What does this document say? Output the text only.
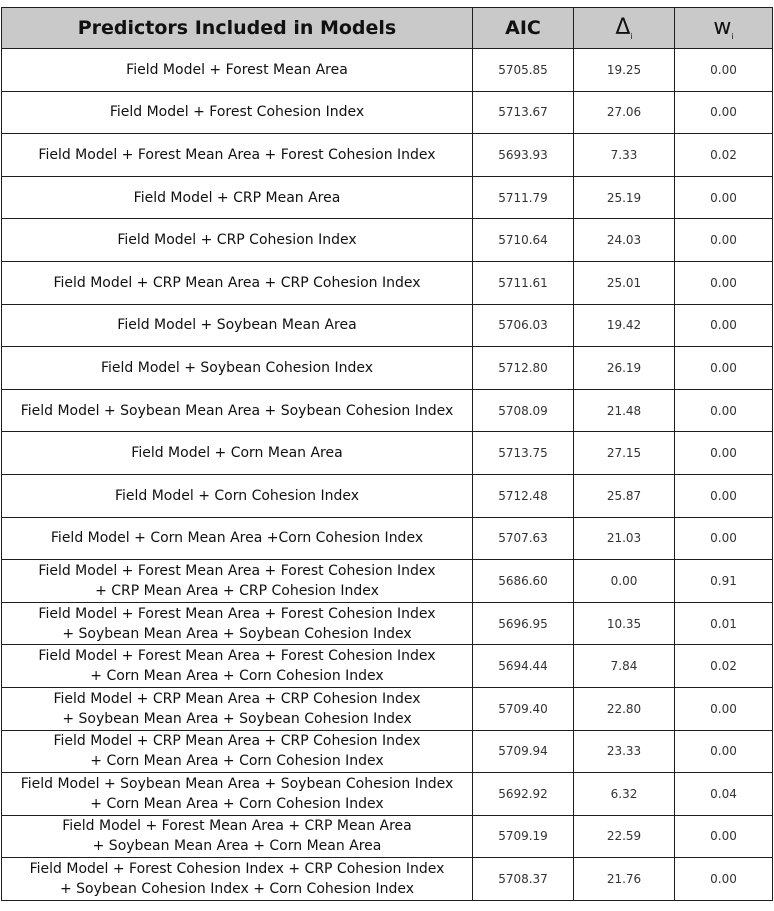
Predictors Included in Models	AIC	$\Delta_i$	$w_i$

Field Model + Forest Mean Area	5705.85	19.25	0.00

Field Model + Forest Cohesion Index	5713.67	27.06	0.00

Field Model + Forest Mean Area + Forest Cohesion Index	5693.93	7.33	0.02

Field Model + CRP Mean Area	5711.79	25.19	0.00

Field Model + CRP Cohesion Index	5710.64	24.03	0.00

Field Model + CRP Mean Area + CRP Cohesion Index	5711.61	25.01	0.00

Field Model + Soybean Mean Area	5706.03	19.42	0.00

Field Model + Soybean Cohesion Index	5712.80	26.19	0.00

Field Model + Soybean Mean Area + Soybean Cohesion Index	5708.09	21.48	0.00

Field Model + Corn Mean Area	5713.75	27.15	0.00

Field Model + Corn Cohesion Index	5712.48	25.87	0.00

Field Model + Corn Mean Area +Corn Cohesion Index	5707.63	21.03	0.00

Field Model + Forest Mean Area + Forest Cohesion Index
+ CRP Mean Area + CRP Cohesion Index	5686.60	0.00	0.91

Field Model + Forest Mean Area + Forest Cohesion Index
+ Soybean Mean Area + Soybean Cohesion Index	5696.95	10.35	0.01

Field Model + Forest Mean Area + Forest Cohesion Index
+ Corn Mean Area + Corn Cohesion Index	5694.44	7.84	0.02

Field Model + CRP Mean Area + CRP Cohesion Index
+ Soybean Mean Area + Soybean Cohesion Index	5709.40	22.80	0.00

Field Model + CRP Mean Area + CRP Cohesion Index
+ Corn Mean Area + Corn Cohesion Index	5709.94	23.33	0.00

Field Model + Soybean Mean Area + Soybean Cohesion Index
+ Corn Mean Area + Corn Cohesion Index	5692.92	6.32	0.04

Field Model + Forest Mean Area + CRP Mean Area
+ Soybean Mean Area + Corn Mean Area	5709.19	22.59	0.00

Field Model + Forest Cohesion Index + CRP Cohesion Index
+ Soybean Cohesion Index + Corn Cohesion Index	5708.37	21.76	0.00
